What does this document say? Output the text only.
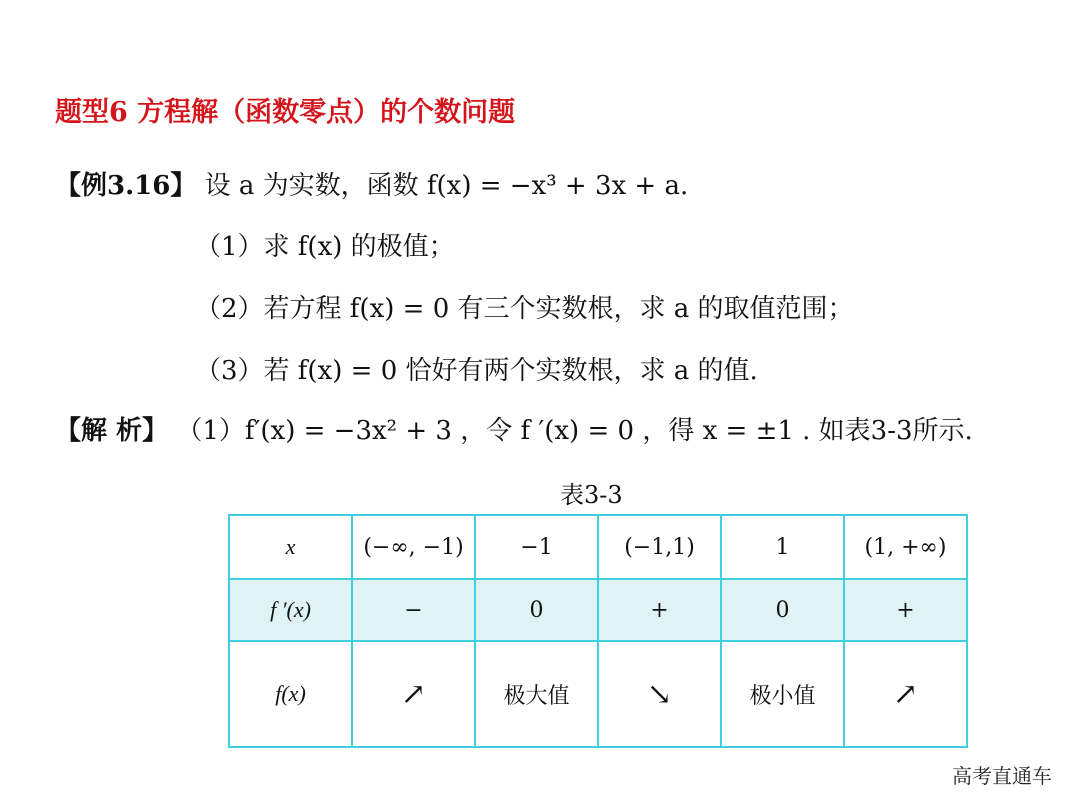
题型6 方程解（函数零点）的个数问题
【例3.16】 设 a 为实数，函数 f(x) = −x³ + 3x + a.
（1）求 f(x) 的极值；
（2）若方程 f(x) = 0 有三个实数根，求 a 的取值范围；
（3）若 f(x) = 0 恰好有两个实数根，求 a 的值.
【解 析】 （1）f′(x) = −3x² + 3 ，令 f ′(x) = 0 ，得 x = ±1 . 如表3-3所示.
表3-3
x	(−∞, −1)	−1	(−1,1)	1	(1, +∞)
f ′(x)	−	0	+	0	+
f(x)	↗	极大值	↘	极小值	↗
高考直通车
